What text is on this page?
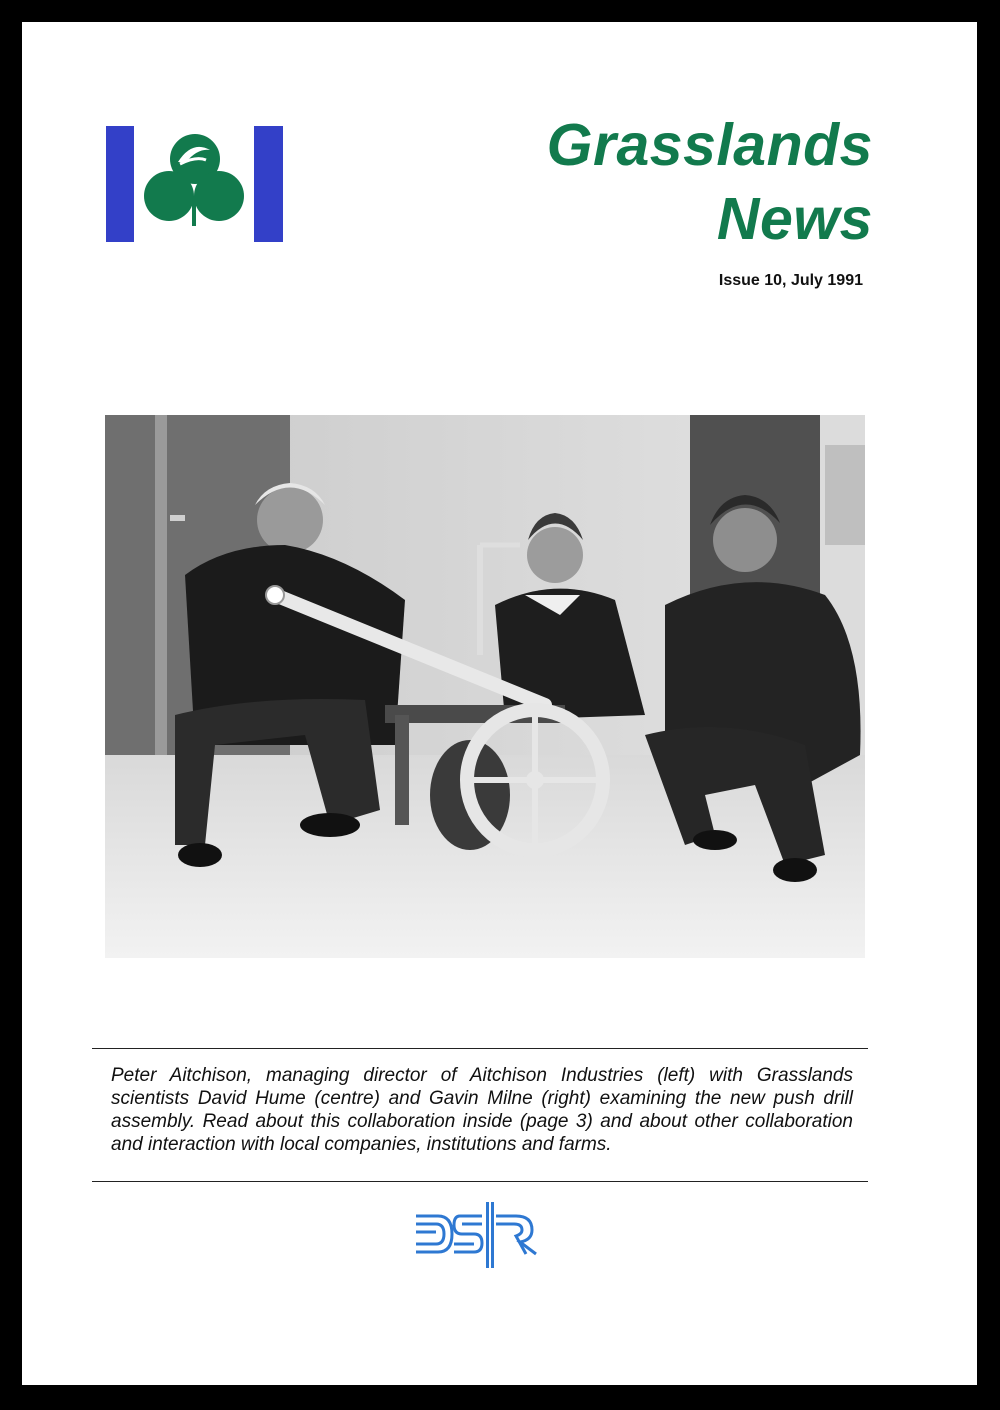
Grasslands
News
Issue 10, July 1991
Peter Aitchison, managing director of Aitchison Industries (left) with Grasslands scientists David Hume (centre) and Gavin Milne (right) examining the new push drill assembly. Read about this collaboration inside (page 3) and about other collaboration and interaction with local companies, institutions and farms.
